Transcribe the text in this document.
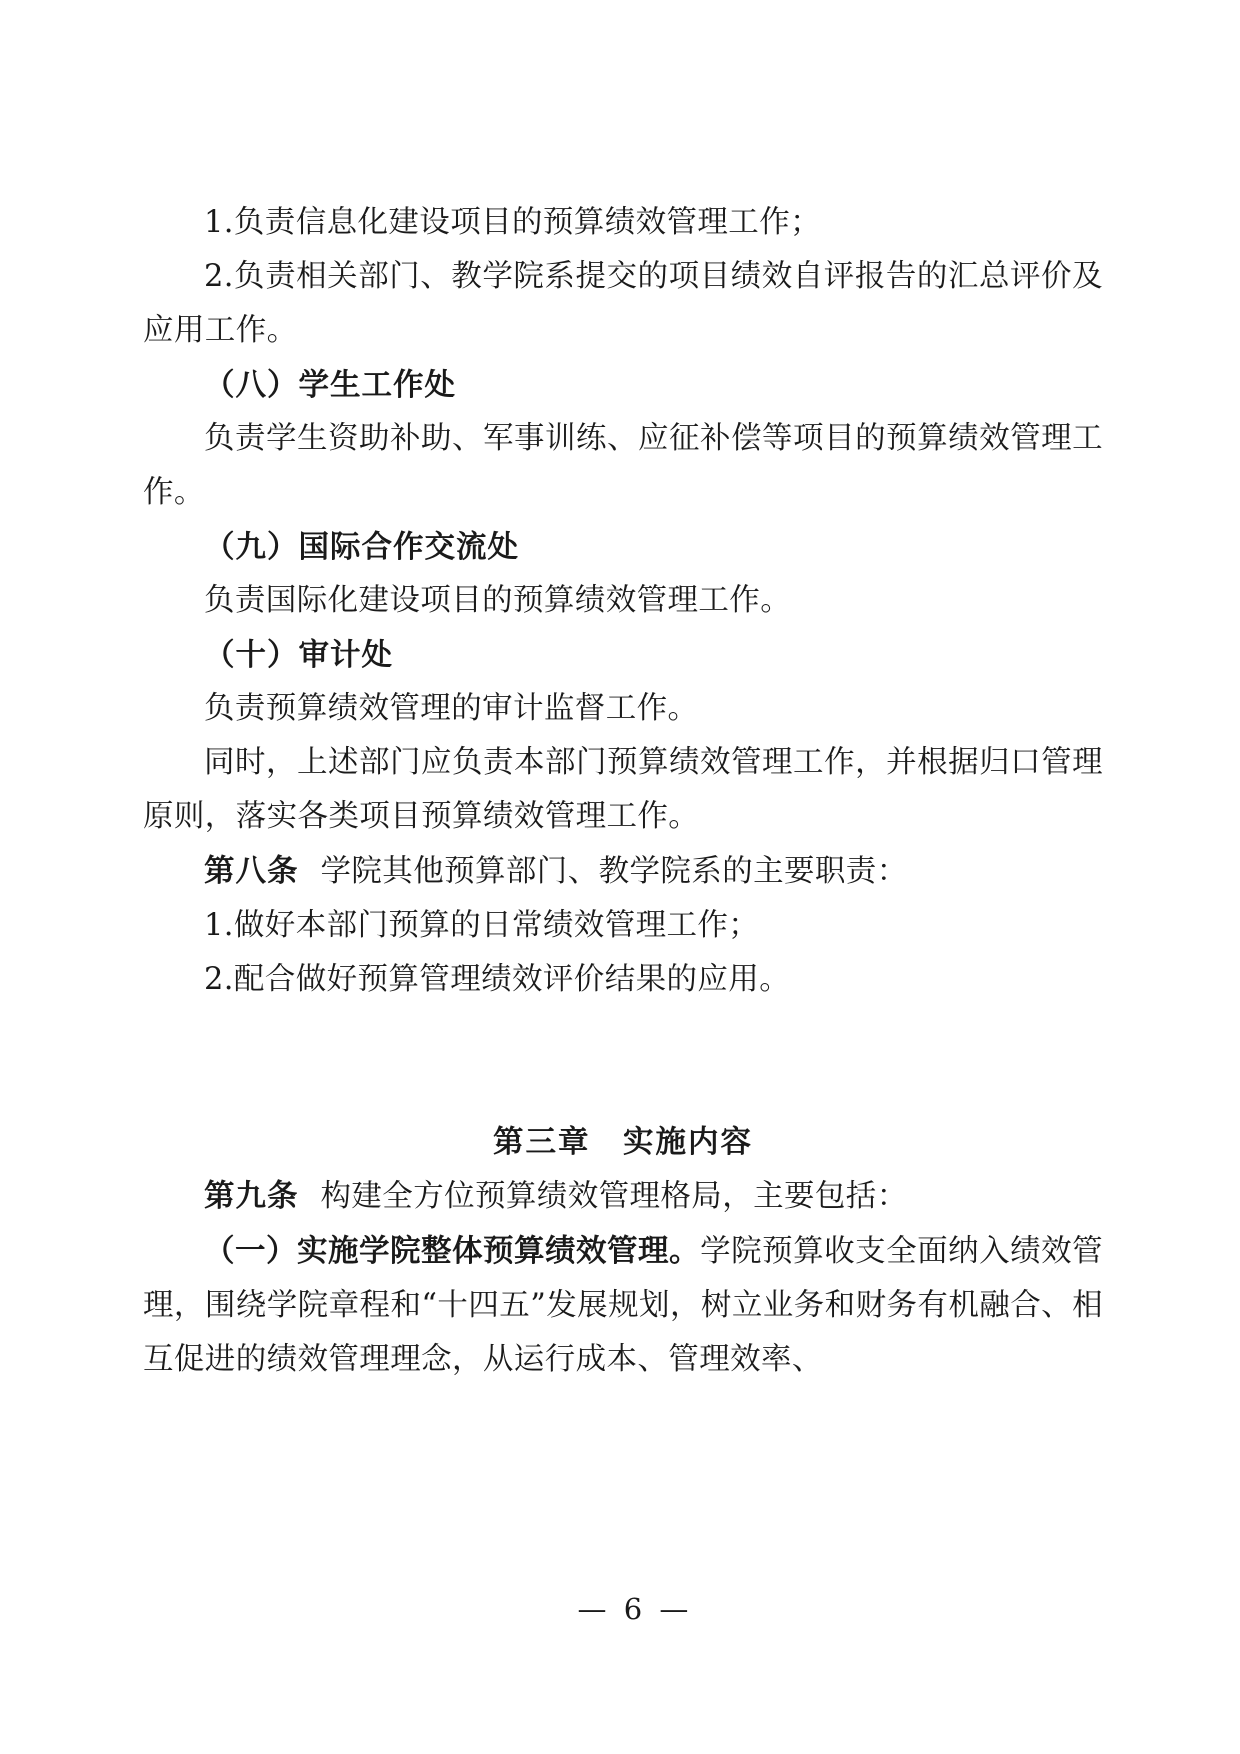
1.负责信息化建设项目的预算绩效管理工作；

2.负责相关部门、教学院系提交的项目绩效自评报告的汇总评价及应用工作。

（八）学生工作处

负责学生资助补助、军事训练、应征补偿等项目的预算绩效管理工作。

（九）国际合作交流处

负责国际化建设项目的预算绩效管理工作。

（十）审计处

负责预算绩效管理的审计监督工作。

同时，上述部门应负责本部门预算绩效管理工作，并根据归口管理原则，落实各类项目预算绩效管理工作。

第八条 学院其他预算部门、教学院系的主要职责：

1.做好本部门预算的日常绩效管理工作；

2.配合做好预算管理绩效评价结果的应用。

第三章　实施内容

第九条 构建全方位预算绩效管理格局，主要包括：

（一）实施学院整体预算绩效管理。学院预算收支全面纳入绩效管理，围绕学院章程和“十四五”发展规划，树立业务和财务有机融合、相互促进的绩效管理理念，从运行成本、管理效率、

— 6 —
